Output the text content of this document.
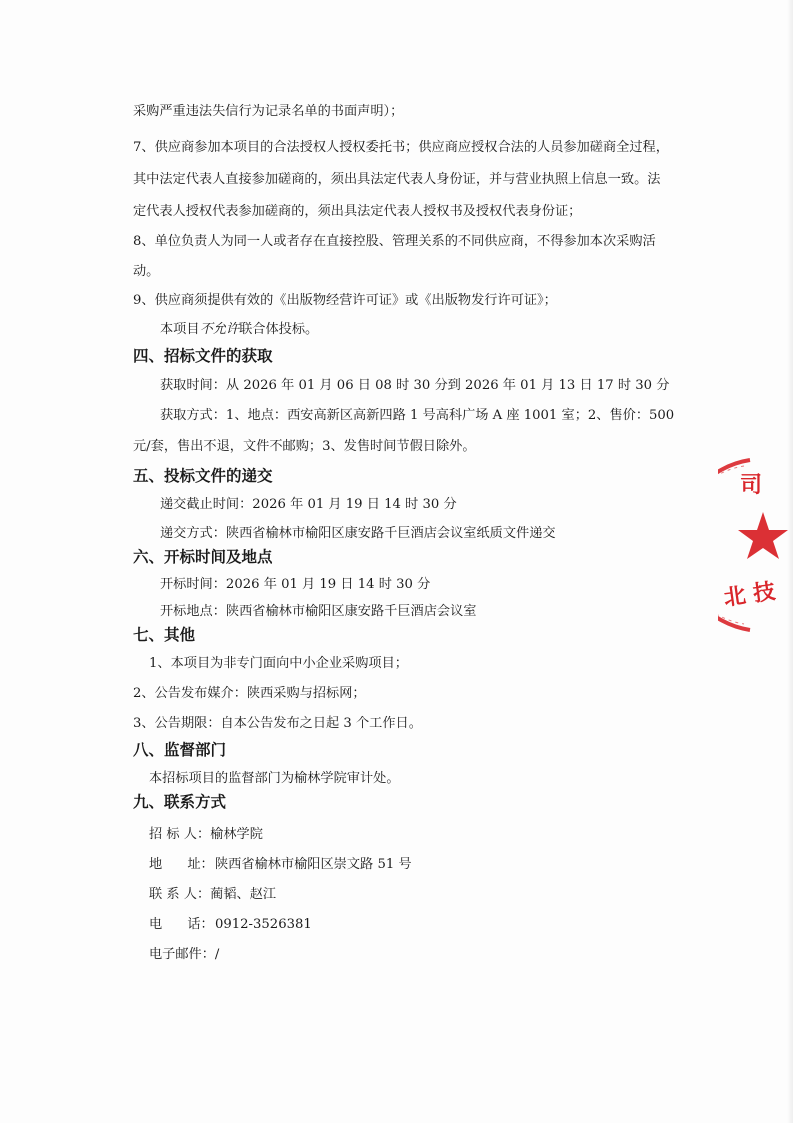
采购严重违法失信行为记录名单的书面声明）；
7、供应商参加本项目的合法授权人授权委托书；供应商应授权合法的人员参加磋商全过程，
其中法定代表人直接参加磋商的，须出具法定代表人身份证，并与营业执照上信息一致。法
定代表人授权代表参加磋商的，须出具法定代表人授权书及授权代表身份证；
8、单位负责人为同一人或者存在直接控股、管理关系的不同供应商，不得参加本次采购活
动。
9、供应商须提供有效的《出版物经营许可证》或《出版物发行许可证》；
本项目不允许联合体投标。
四、招标文件的获取
获取时间：从 2026 年 01 月 06 日 08 时 30 分到 2026 年 01 月 13 日 17 时 30 分
获取方式：1、地点：西安高新区高新四路 1 号高科广场 A 座 1001 室；2、售价：500
元/套，售出不退，文件不邮购；3、发售时间节假日除外。
五、投标文件的递交
递交截止时间：2026 年 01 月 19 日 14 时 30 分
递交方式：陕西省榆林市榆阳区康安路千巨酒店会议室纸质文件递交
六、开标时间及地点
开标时间：2026 年 01 月 19 日 14 时 30 分
开标地点：陕西省榆林市榆阳区康安路千巨酒店会议室
七、其他
1、本项目为非专门面向中小企业采购项目；
2、公告发布媒介：陕西采购与招标网；
3、公告期限：自本公告发布之日起 3 个工作日。
八、监督部门
本招标项目的监督部门为榆林学院审计处。
九、联系方式
招 标 人：榆林学院
地      址：陕西省榆林市榆阳区崇文路 51 号
联 系 人：蔺韬、赵江
电      话：0912-3526381
电子邮件：/
司
北 技
